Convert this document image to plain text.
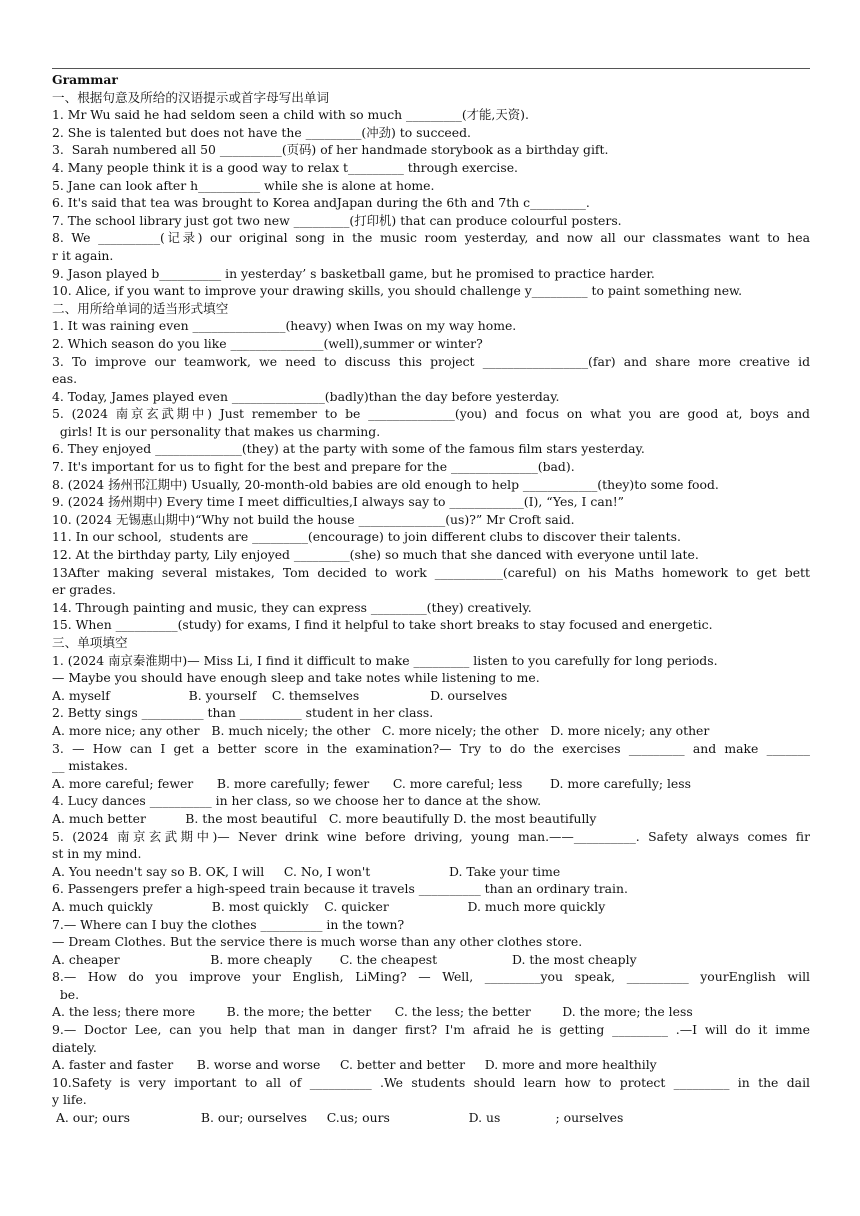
Grammar
一、根据句意及所给的汉语提示或首字母写出单词
1. Mr Wu said he had seldom seen a child with so much _________(才能,天资).
2. She is talented but does not have the _________(冲劲) to succeed.
3.  Sarah numbered all 50 __________(页码) of her handmade storybook as a birthday gift.
4. Many people think it is a good way to relax t_________ through exercise.
5. Jane can look after h__________ while she is alone at home.
6. It's said that tea was brought to Korea andJapan during the 6th and 7th c_________.
7. The school library just got two new _________(打印机) that can produce colourful posters.
8. We __________(记录) our original song in the music room yesterday, and now all our classmates want to hea
r it again.
9. Jason played b__________ in yesterday’ s basketball game, but he promised to practice harder.
10. Alice, if you want to improve your drawing skills, you should challenge y_________ to paint something new.
二、用所给单词的适当形式填空
1. It was raining even _______________(heavy) when Iwas on my way home.
2. Which season do you like _______________(well),summer or winter?
3. To improve our teamwork, we need to discuss this project _________________(far) and share more creative id
eas.
4. Today, James played even _______________(badly)than the day before yesterday.
5. (2024 南京玄武期中) Just remember to be ______________(you) and focus on what you are good at, boys and
girls! It is our personality that makes us charming.
6. They enjoyed ______________(they) at the party with some of the famous film stars yesterday.
7. It's important for us to fight for the best and prepare for the ______________(bad).
8. (2024 扬州邗江期中) Usually, 20-month-old babies are old enough to help ____________(they)to some food.
9. (2024 扬州期中) Every time I meet difficulties,I always say to ____________(I), “Yes, I can!”
10. (2024 无锡惠山期中)“Why not build the house ______________(us)?” Mr Croft said.
11. In our school,  students are _________(encourage) to join different clubs to discover their talents.
12. At the birthday party, Lily enjoyed _________(she) so much that she danced with everyone until late.
13After making several mistakes, Tom decided to work ___________(careful) on his Maths homework to get bett
er grades.
14. Through painting and music, they can express _________(they) creatively.
15. When __________(study) for exams, I find it helpful to take short breaks to stay focused and energetic.
三、单项填空
1. (2024 南京秦淮期中)— Miss Li, I find it difficult to make _________ listen to you carefully for long periods.
— Maybe you should have enough sleep and take notes while listening to me.
A. myself                    B. yourself    C. themselves                  D. ourselves
2. Betty sings __________ than __________ student in her class.
A. more nice; any other   B. much nicely; the other   C. more nicely; the other   D. more nicely; any other
3. — How can I get a better score in the examination?— Try to do the exercises _________ and make _______
__ mistakes.
A. more careful; fewer      B. more carefully; fewer      C. more careful; less       D. more carefully; less
4. Lucy dances __________ in her class, so we choose her to dance at the show.
A. much better          B. the most beautiful   C. more beautifully D. the most beautifully
5. (2024 南京玄武期中)— Never drink wine before driving, young man.——__________. Safety always comes fir
st in my mind.
A. You needn't say so B. OK, I will     C. No, I won't                    D. Take your time
6. Passengers prefer a high-speed train because it travels __________ than an ordinary train.
A. much quickly               B. most quickly    C. quicker                    D. much more quickly
7.— Where can I buy the clothes __________ in the town?
— Dream Clothes. But the service there is much worse than any other clothes store.
A. cheaper                       B. more cheaply       C. the cheapest                   D. the most cheaply
8.— How do you improve your English, LiMing? — Well, _________you speak, __________ yourEnglish will
be.
A. the less; there more        B. the more; the better      C. the less; the better        D. the more; the less
9.— Doctor Lee, can you help that man in danger first? I'm afraid he is getting _________ .—I will do it imme
diately.
A. faster and faster      B. worse and worse     C. better and better     D. more and more healthily
10.Safety is very important to all of __________ .We students should learn how to protect _________ in the dail
y life.
A. our; ours                  B. our; ourselves     C.us; ours                    D. us              ; ourselves
